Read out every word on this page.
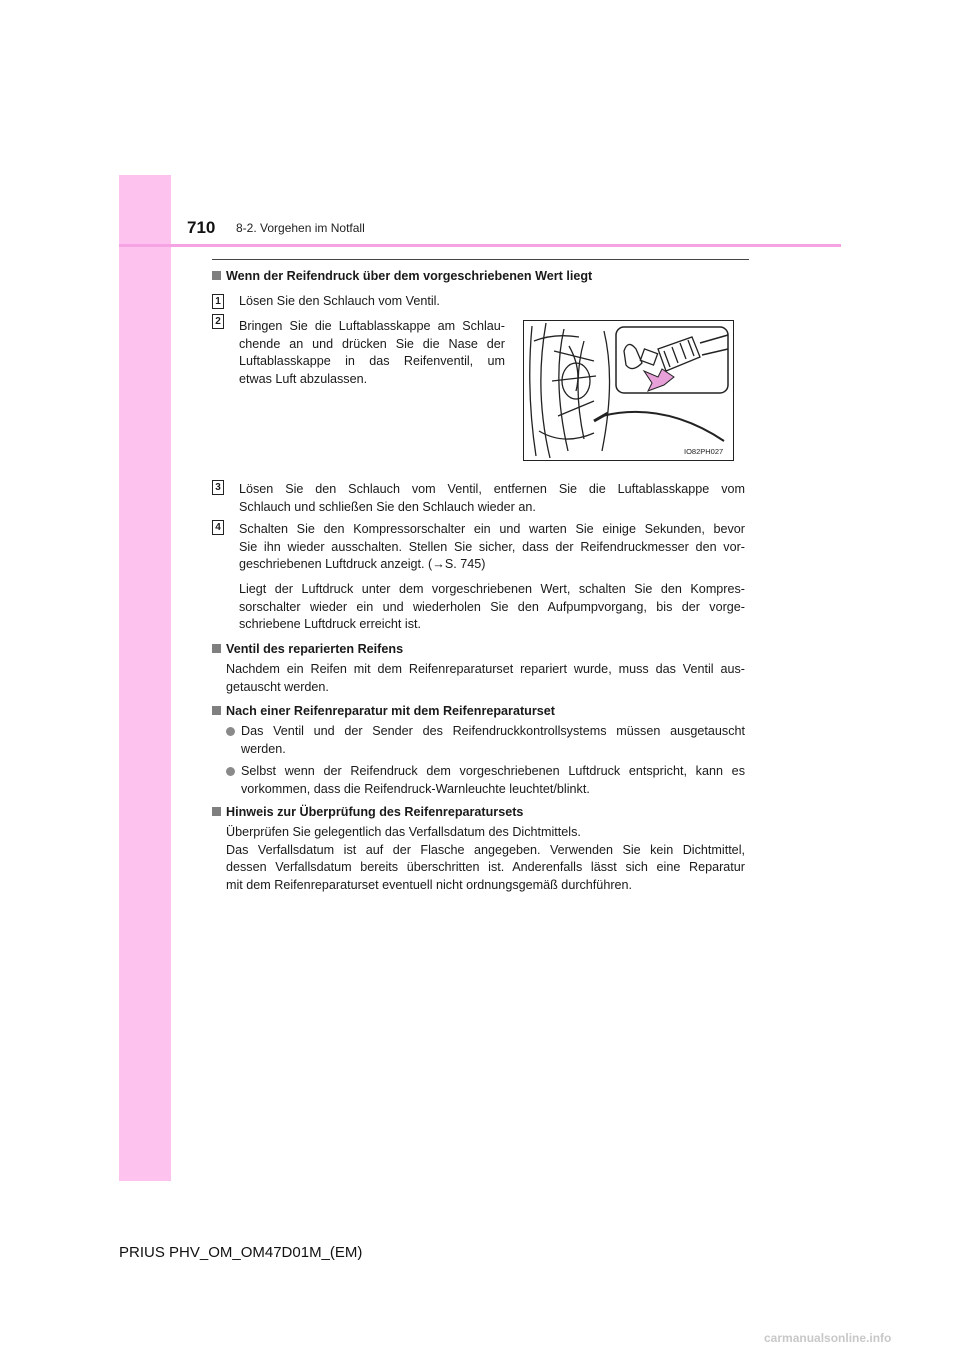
710 8-2. Vorgehen im Notfall
Wenn der Reifendruck über dem vorgeschriebenen Wert liegt
1 Lösen Sie den Schlauch vom Ventil.
2 Bringen Sie die Luftablasskappe am Schlau-
chende an und drücken Sie die Nase der
Luftablasskappe in das Reifenventil, um
etwas Luft abzulassen.
IO82PH027
3 Lösen Sie den Schlauch vom Ventil, entfernen Sie die Luftablasskappe vom
Schlauch und schließen Sie den Schlauch wieder an.
4 Schalten Sie den Kompressorschalter ein und warten Sie einige Sekunden, bevor
Sie ihn wieder ausschalten. Stellen Sie sicher, dass der Reifendruckmesser den vor-
geschriebenen Luftdruck anzeigt. (→S. 745)
Liegt der Luftdruck unter dem vorgeschriebenen Wert, schalten Sie den Kompres-
sorschalter wieder ein und wiederholen Sie den Aufpumpvorgang, bis der vorge-
schriebene Luftdruck erreicht ist.
Ventil des reparierten Reifens
Nachdem ein Reifen mit dem Reifenreparaturset repariert wurde, muss das Ventil aus-
getauscht werden.
Nach einer Reifenreparatur mit dem Reifenreparaturset
Das Ventil und der Sender des Reifendruckkontrollsystems müssen ausgetauscht
werden.
Selbst wenn der Reifendruck dem vorgeschriebenen Luftdruck entspricht, kann es
vorkommen, dass die Reifendruck-Warnleuchte leuchtet/blinkt.
Hinweis zur Überprüfung des Reifenreparatursets
Überprüfen Sie gelegentlich das Verfallsdatum des Dichtmittels.
Das Verfallsdatum ist auf der Flasche angegeben. Verwenden Sie kein Dichtmittel,
dessen Verfallsdatum bereits überschritten ist. Anderenfalls lässt sich eine Reparatur
mit dem Reifenreparaturset eventuell nicht ordnungsgemäß durchführen.
PRIUS PHV_OM_OM47D01M_(EM)
carmanualsonline.info
